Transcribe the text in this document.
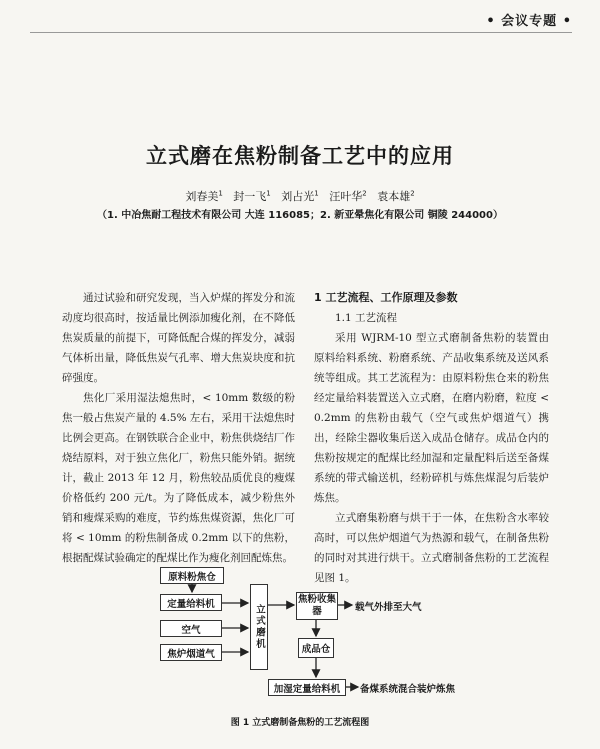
• 会议专题 •
立式磨在焦粉制备工艺中的应用
刘春美$^1$ 封一飞$^1$ 刘占光$^1$ 汪叶华$^2$ 袁本雄$^2$
（1. 中冶焦耐工程技术有限公司 大连 116085；2. 新亚晕焦化有限公司 铜陵 244000）

通过试验和研究发现，当入炉煤的挥发分和流动度均很高时，按适量比例添加瘦化剂，在不降低焦炭质量的前提下，可降低配合煤的挥发分，减弱气体析出量，降低焦炭气孔率、增大焦炭块度和抗碎强度。

焦化厂采用湿法熄焦时，< 10mm 数级的粉焦一般占焦炭产量的 4.5% 左右，采用干法熄焦时比例会更高。在钢铁联合企业中，粉焦供烧结厂作烧结原料，对于独立焦化厂，粉焦只能外销。据统计，截止 2013 年 12 月，粉焦较品质优良的瘦煤价格低约 200 元/t。为了降低成本，减少粉焦外销和瘦煤采购的难度，节约炼焦煤资源，焦化厂可将 < 10mm 的粉焦制备成 0.2mm 以下的焦粉，根据配煤试验确定的配煤比作为瘦化剂回配炼焦。

1 工艺流程、工作原理及参数
1.1 工艺流程

采用 WJRM-10 型立式磨制备焦粉的装置由原料给料系统、粉磨系统、产品收集系统及送风系统等组成。其工艺流程为：由原料粉焦仓来的粉焦经定量给料装置送入立式磨，在磨内粉磨，粒度 < 0.2mm 的焦粉由载气（空气或焦炉烟道气）携出，经除尘器收集后送入成品仓储存。成品仓内的焦粉按规定的配煤比经加湿和定量配料后送至备煤系统的带式输送机，经粉碎机与炼焦煤混匀后装炉炼焦。

立式磨集粉磨与烘干于一体，在焦粉含水率较高时，可以焦炉烟道气为热源和载气，在制备焦粉的同时对其进行烘干。立式磨制备焦粉的工艺流程见图 1。

原料粉焦仓
定量给料机
空气
焦炉烟道气
立式磨机
焦粉收集器
成品仓
加湿定量给料机
载气外排至大气
备煤系统混合装炉炼焦
图 1 立式磨制备焦粉的工艺流程图
